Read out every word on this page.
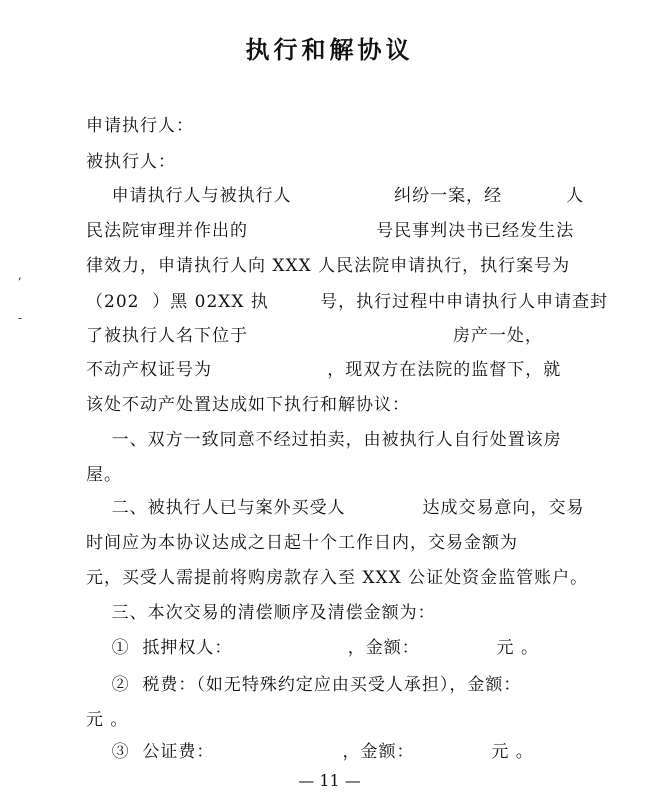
执行和解协议
申请执行人：
被执行人：
申请执行人与被执行人                纠纷一案，经          人
民法院审理并作出的                    号民事判决书已经发生法
律效力，申请执行人向 XXX 人民法院申请执行，执行案号为
（202  ）黑 02XX 执        号，执行过程中申请执行人申请查封
了被执行人名下位于                                房产一处，
不动产权证号为                  ，现双方在法院的监督下，就
该处不动产处置达成如下执行和解协议：
一、双方一致同意不经过拍卖，由被执行人自行处置该房
屋。
二、被执行人已与案外买受人            达成交易意向，交易
时间应为本协议达成之日起十个工作日内，交易金额为
元，买受人需提前将购房款存入至 XXX 公证处资金监管账户。
三、本次交易的清偿顺序及清偿金额为：
①  抵押权人：                  ，金额：            元 。
②  税费：（如无特殊约定应由买受人承担），金额：
元 。
③  公证费：                    ，金额：            元 。
,
-
— 11 —
